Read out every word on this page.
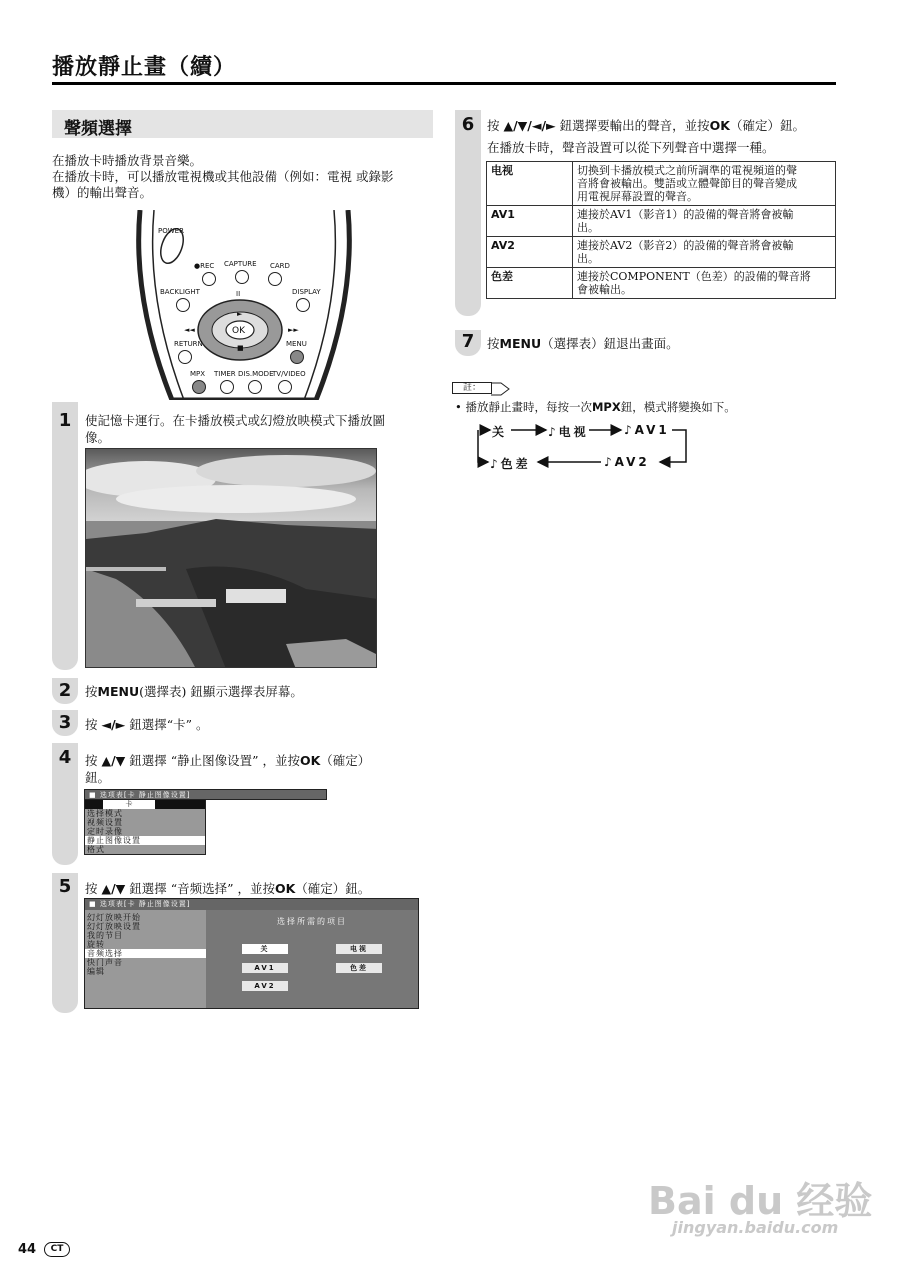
播放靜止畫（續）
聲頻選擇
在播放卡時播放背景音樂。
在播放卡時，可以播放電視機或其他設備（例如：電視 或錄影
機）的輸出聲音。
POWER
●REC CAPTURE CARD
BACKLIGHT	DISPLAY
II
►
OK
■
◄◄	►►
RETURN	MENU
MPX TIMER DIS.MODE
TV/VIDEO
1	使記憶卡運行。在卡播放模式或幻燈放映模式下播放圖
像。
2	按MENU(選擇表) 鈕顯示選擇表屏幕。
3	按 ◄/► 鈕選擇“卡” 。
4	按 ▲/▼ 鈕選擇 “静止图像设置” ，並按OK（確定）
鈕。
■ 选项表[卡 静止图像设置]
卡
选择模式
视频设置
定时录像
静止图像设置
格式
5	按 ▲/▼ 鈕選擇 “音频选择” ，並按OK（確定）鈕。
■ 选项表[卡 静止图像设置]
幻灯放映开始
幻灯放映设置
我的节目
旋转
音频选择
快门声音
编辑
选择所需的项目
关	电视
AV1	色差
AV2
6	按 ▲/▼/◄/► 鈕選擇要輸出的聲音，並按OK（確定）鈕。
在播放卡時，聲音設置可以從下列聲音中選擇一種。
电视	切換到卡播放模式之前所調準的電視頻道的聲
音將會被輸出。雙語或立體聲節目的聲音變成
用電視屏幕設置的聲音。

AV1	連接於AV1（影音1）的設備的聲音將會被輸
出。

AV2	連接於AV2（影音2）的設備的聲音將會被輸
出。

色差	連接於COMPONENT（色差）的設備的聲音將
會被輸出。
7	按MENU（選擇表）鈕退出畫面。
註：
• 播放靜止畫時，每按一次MPX鈕，模式將變換如下。
关	♪电视	♪AV1
♪色差	♪AV2
Bai du 经验
jingyan.baidu.com
44	CT
